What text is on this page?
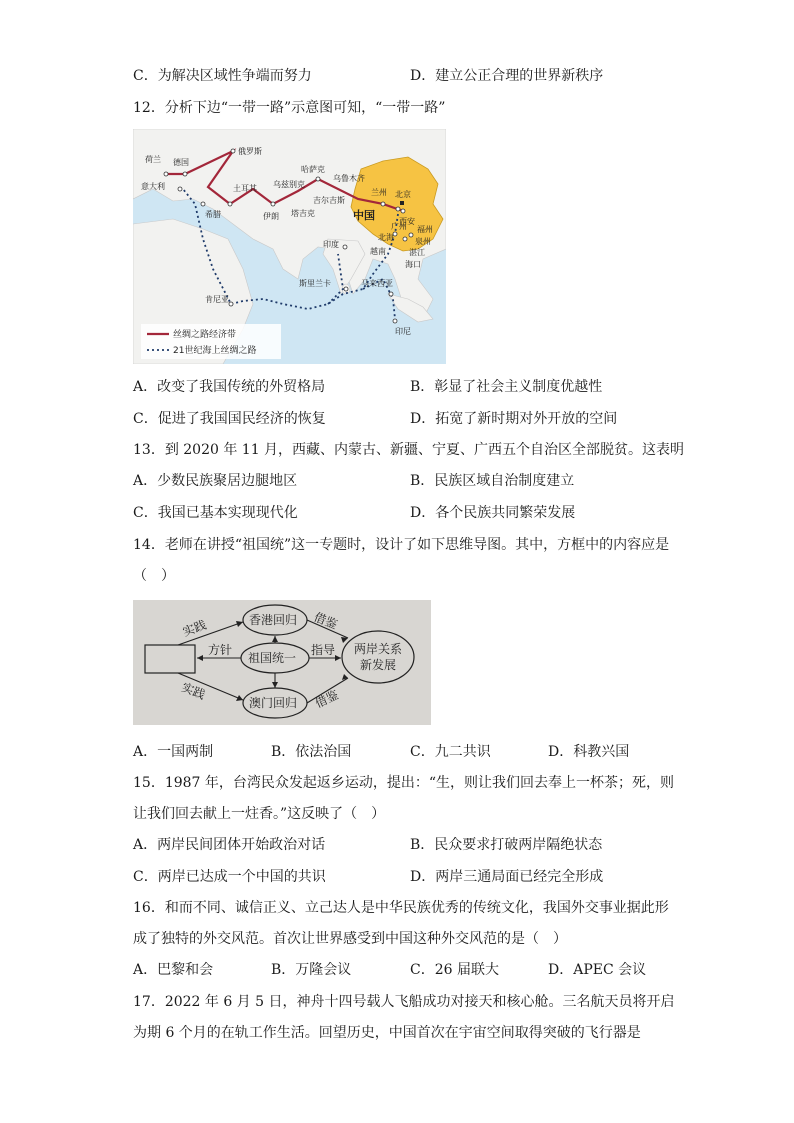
C．为解决区域性争端而努力	D．建立公正合理的世界新秩序
12．分析下边“一带一路”示意图可知，“一带一路”
荷兰 德国
俄罗斯
哈萨克
乌鲁木齐
意大利	土耳其 乌兹别克
兰州 北京
吉尔吉斯
中国
希腊	伊朗 塔吉克
西安
广州 福州
印度
北海	泉州
越南	湛江
海口
斯里兰卡	马来西亚
肯尼亚
印尼
丝绸之路经济带
21世纪海上丝绸之路
A．改变了我国传统的外贸格局	B．彰显了社会主义制度优越性
C．促进了我国国民经济的恢复	D．拓宽了新时期对外开放的空间
13．到 2020 年 11 月，西藏、内蒙古、新疆、宁夏、广西五个自治区全部脱贫。这表明
A．少数民族聚居边腿地区	B．民族区域自治制度建立
C．我国已基本实现现代化	D．各个民族共同繁荣发展
14．老师在讲授“祖国统”这一专题时，设计了如下思维导图。其中，方框中的内容应是
（　）
香港回归
祖国统一
澳门回归
两岸关系
新发展
实践
实践
方针	指导
借鉴
借鉴
A．一国两制	B．依法治国	C．九二共识	D．科教兴国
15．1987 年，台湾民众发起返乡运动，提出：“生，则让我们回去奉上一杯茶；死，则
让我们回去献上一炷香。”这反映了（　）
A．两岸民间团体开始政治对话	B．民众要求打破两岸隔绝状态
C．两岸已达成一个中国的共识	D．两岸三通局面已经完全形成
16．和而不同、诚信正义、立己达人是中华民族优秀的传统文化，我国外交事业据此形
成了独特的外交风范。首次让世界感受到中国这种外交风范的是（　）
A．巴黎和会	B．万隆会议	C．26 届联大	D．APEC 会议
17．2022 年 6 月 5 日，神舟十四号载人飞船成功对接天和核心舱。三名航天员将开启
为期 6 个月的在轨工作生活。回望历史，中国首次在宇宙空间取得突破的飞行器是
